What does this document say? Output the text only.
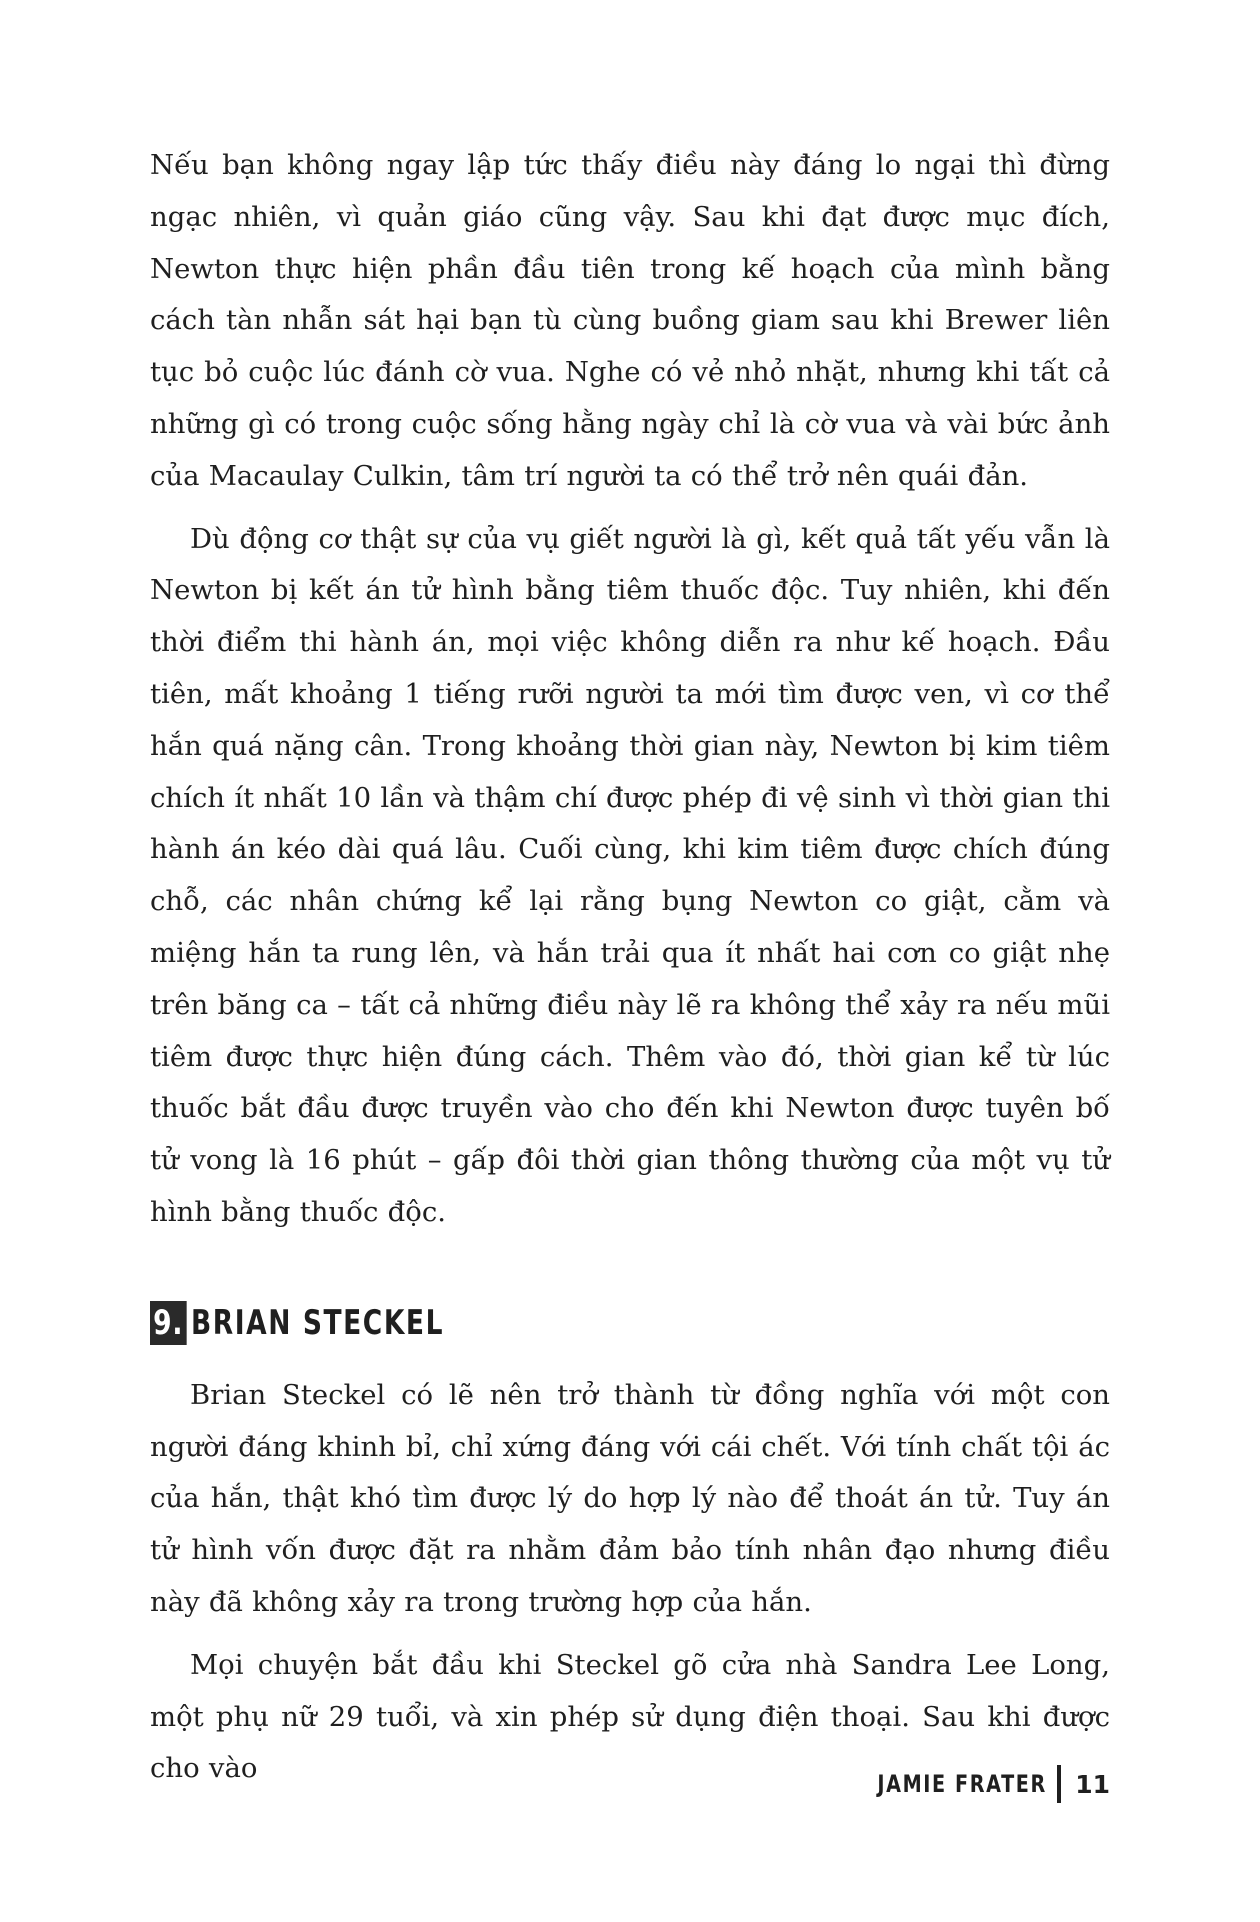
Nếu bạn không ngay lập tức thấy điều này đáng lo ngại thì đừng ngạc nhiên, vì quản giáo cũng vậy. Sau khi đạt được mục đích, Newton thực hiện phần đầu tiên trong kế hoạch của mình bằng cách tàn nhẫn sát hại bạn tù cùng buồng giam sau khi Brewer liên tục bỏ cuộc lúc đánh cờ vua. Nghe có vẻ nhỏ nhặt, nhưng khi tất cả những gì có trong cuộc sống hằng ngày chỉ là cờ vua và vài bức ảnh của Macaulay Culkin, tâm trí người ta có thể trở nên quái đản.

Dù động cơ thật sự của vụ giết người là gì, kết quả tất yếu vẫn là Newton bị kết án tử hình bằng tiêm thuốc độc. Tuy nhiên, khi đến thời điểm thi hành án, mọi việc không diễn ra như kế hoạch. Đầu tiên, mất khoảng 1 tiếng rưỡi người ta mới tìm được ven, vì cơ thể hắn quá nặng cân. Trong khoảng thời gian này, Newton bị kim tiêm chích ít nhất 10 lần và thậm chí được phép đi vệ sinh vì thời gian thi hành án kéo dài quá lâu. Cuối cùng, khi kim tiêm được chích đúng chỗ, các nhân chứng kể lại rằng bụng Newton co giật, cằm và miệng hắn ta rung lên, và hắn trải qua ít nhất hai cơn co giật nhẹ trên băng ca – tất cả những điều này lẽ ra không thể xảy ra nếu mũi tiêm được thực hiện đúng cách. Thêm vào đó, thời gian kể từ lúc thuốc bắt đầu được truyền vào cho đến khi Newton được tuyên bố tử vong là 16 phút – gấp đôi thời gian thông thường của một vụ tử hình bằng thuốc độc.

9. BRIAN STECKEL

Brian Steckel có lẽ nên trở thành từ đồng nghĩa với một con người đáng khinh bỉ, chỉ xứng đáng với cái chết. Với tính chất tội ác của hắn, thật khó tìm được lý do hợp lý nào để thoát án tử. Tuy án tử hình vốn được đặt ra nhằm đảm bảo tính nhân đạo nhưng điều này đã không xảy ra trong trường hợp của hắn.

Mọi chuyện bắt đầu khi Steckel gõ cửa nhà Sandra Lee Long, một phụ nữ 29 tuổi, và xin phép sử dụng điện thoại. Sau khi được cho vào	JAMIE FRATER 11
